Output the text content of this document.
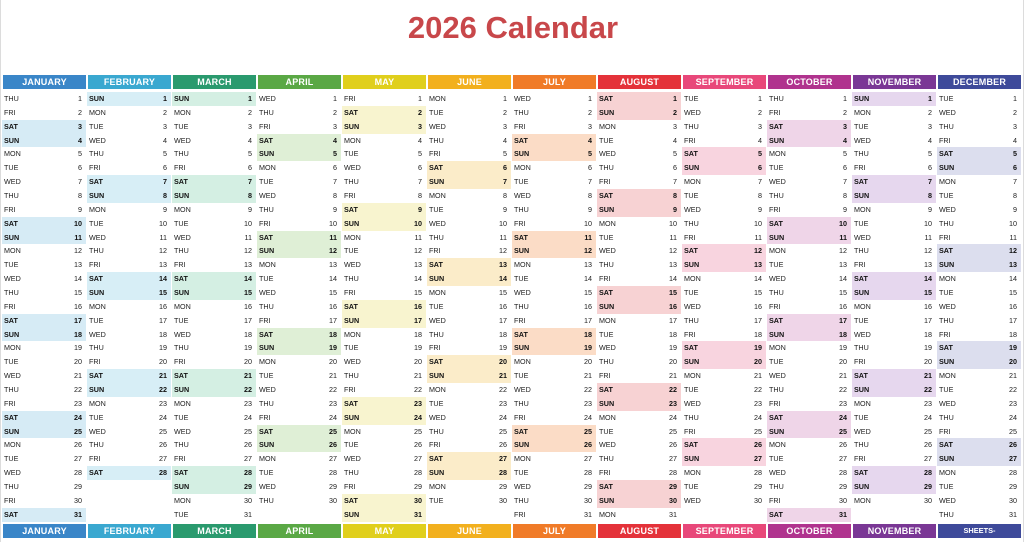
2026 Calendar
JANUARY
THU	1
FRI	2
SAT	3
SUN	4
MON	5
TUE	6
WED	7
THU	8
FRI	9
SAT	10
SUN	11
MON	12
TUE	13
WED	14
THU	15
FRI	16
SAT	17
SUN	18
MON	19
TUE	20
WED	21
THU	22
FRI	23
SAT	24
SUN	25
MON	26
TUE	27
WED	28
THU	29
FRI	30
SAT	31
JANUARY
FEBRUARY
SUN	1
MON	2
TUE	3
WED	4
THU	5
FRI	6
SAT	7
SUN	8
MON	9
TUE	10
WED	11
THU	12
FRI	13
SAT	14
SUN	15
MON	16
TUE	17
WED	18
THU	19
FRI	20
SAT	21
SUN	22
MON	23
TUE	24
WED	25
THU	26
FRI	27
SAT	28
FEBRUARY
MARCH
SUN	1
MON	2
TUE	3
WED	4
THU	5
FRI	6
SAT	7
SUN	8
MON	9
TUE	10
WED	11
THU	12
FRI	13
SAT	14
SUN	15
MON	16
TUE	17
WED	18
THU	19
FRI	20
SAT	21
SUN	22
MON	23
TUE	24
WED	25
THU	26
FRI	27
SAT	28
SUN	29
MON	30
TUE	31
MARCH
APRIL
WED	1
THU	2
FRI	3
SAT	4
SUN	5
MON	6
TUE	7
WED	8
THU	9
FRI	10
SAT	11
SUN	12
MON	13
TUE	14
WED	15
THU	16
FRI	17
SAT	18
SUN	19
MON	20
TUE	21
WED	22
THU	23
FRI	24
SAT	25
SUN	26
MON	27
TUE	28
WED	29
THU	30
APRIL
MAY
FRI	1
SAT	2
SUN	3
MON	4
TUE	5
WED	6
THU	7
FRI	8
SAT	9
SUN	10
MON	11
TUE	12
WED	13
THU	14
FRI	15
SAT	16
SUN	17
MON	18
TUE	19
WED	20
THU	21
FRI	22
SAT	23
SUN	24
MON	25
TUE	26
WED	27
THU	28
FRI	29
SAT	30
SUN	31
MAY
JUNE
MON	1
TUE	2
WED	3
THU	4
FRI	5
SAT	6
SUN	7
MON	8
TUE	9
WED	10
THU	11
FRI	12
SAT	13
SUN	14
MON	15
TUE	16
WED	17
THU	18
FRI	19
SAT	20
SUN	21
MON	22
TUE	23
WED	24
THU	25
FRI	26
SAT	27
SUN	28
MON	29
TUE	30
JUNE
JULY
WED	1
THU	2
FRI	3
SAT	4
SUN	5
MON	6
TUE	7
WED	8
THU	9
FRI	10
SAT	11
SUN	12
MON	13
TUE	14
WED	15
THU	16
FRI	17
SAT	18
SUN	19
MON	20
TUE	21
WED	22
THU	23
FRI	24
SAT	25
SUN	26
MON	27
TUE	28
WED	29
THU	30
FRI	31
JULY
AUGUST
SAT	1
SUN	2
MON	3
TUE	4
WED	5
THU	6
FRI	7
SAT	8
SUN	9
MON	10
TUE	11
WED	12
THU	13
FRI	14
SAT	15
SUN	16
MON	17
TUE	18
WED	19
THU	20
FRI	21
SAT	22
SUN	23
MON	24
TUE	25
WED	26
THU	27
FRI	28
SAT	29
SUN	30
MON	31
AUGUST
SEPTEMBER
TUE	1
WED	2
THU	3
FRI	4
SAT	5
SUN	6
MON	7
TUE	8
WED	9
THU	10
FRI	11
SAT	12
SUN	13
MON	14
TUE	15
WED	16
THU	17
FRI	18
SAT	19
SUN	20
MON	21
TUE	22
WED	23
THU	24
FRI	25
SAT	26
SUN	27
MON	28
TUE	29
WED	30
SEPTEMBER
OCTOBER
THU	1
FRI	2
SAT	3
SUN	4
MON	5
TUE	6
WED	7
THU	8
FRI	9
SAT	10
SUN	11
MON	12
TUE	13
WED	14
THU	15
FRI	16
SAT	17
SUN	18
MON	19
TUE	20
WED	21
THU	22
FRI	23
SAT	24
SUN	25
MON	26
TUE	27
WED	28
THU	29
FRI	30
SAT	31
OCTOBER
NOVEMBER
SUN	1
MON	2
TUE	3
WED	4
THU	5
FRI	6
SAT	7
SUN	8
MON	9
TUE	10
WED	11
THU	12
FRI	13
SAT	14
SUN	15
MON	16
TUE	17
WED	18
THU	19
FRI	20
SAT	21
SUN	22
MON	23
TUE	24
WED	25
THU	26
FRI	27
SAT	28
SUN	29
MON	30
NOVEMBER
DECEMBER
TUE	1
WED	2
THU	3
FRI	4
SAT	5
SUN	6
MON	7
TUE	8
WED	9
THU	10
FRI	11
SAT	12
SUN	13
MON	14
TUE	15
WED	16
THU	17
FRI	18
SAT	19
SUN	20
MON	21
TUE	22
WED	23
THU	24
FRI	25
SAT	26
SUN	27
MON	28
TUE	29
WED	30
THU	31
SHEETS-PRATIQUE.COM
